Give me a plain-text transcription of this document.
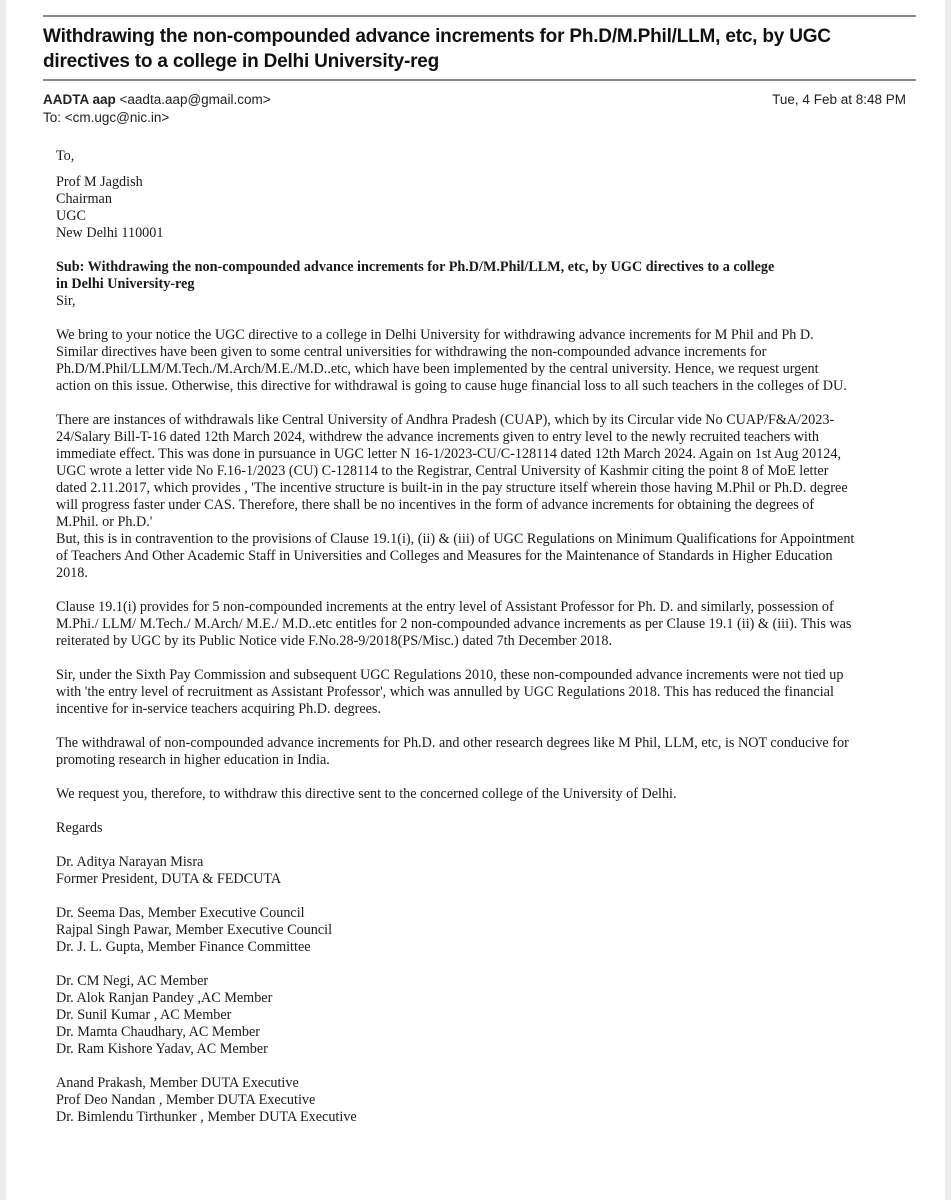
Withdrawing the non-compounded advance increments for Ph.D/M.Phil/LLM, etc, by UGC
directives to a college in Delhi University-reg
AADTA aap <aadta.aap@gmail.com>
To: <cm.ugc@nic.in>
Tue, 4 Feb at 8:48 PM
To,
Prof M Jagdish
Chairman
UGC
New Delhi 110001
Sub: Withdrawing the non-compounded advance increments for Ph.D/M.Phil/LLM, etc, by UGC directives to a college
in Delhi University-reg
Sir,
We bring to your notice the UGC directive to a college in Delhi University for withdrawing advance increments for M Phil and Ph D.
Similar directives have been given to some central universities for withdrawing the non-compounded advance increments for
Ph.D/M.Phil/LLM/M.Tech./M.Arch/M.E./M.D..etc, which have been implemented by the central university. Hence, we request urgent
action on this issue. Otherwise, this directive for withdrawal is going to cause huge financial loss to all such teachers in the colleges of DU.
There are instances of withdrawals like Central University of Andhra Pradesh (CUAP), which by its Circular vide No CUAP/F&A/2023-
24/Salary Bill-T-16 dated 12th March 2024, withdrew the advance increments given to entry level to the newly recruited teachers with
immediate effect. This was done in pursuance in UGC letter N 16-1/2023-CU/C-128114 dated 12th March 2024. Again on 1st Aug 20124,
UGC wrote a letter vide No F.16-1/2023 (CU) C-128114 to the Registrar, Central University of Kashmir citing the point 8 of MoE letter
dated 2.11.2017, which provides , 'The incentive structure is built-in in the pay structure itself wherein those having M.Phil or Ph.D. degree
will progress faster under CAS. Therefore, there shall be no incentives in the form of advance increments for obtaining the degrees of
M.Phil. or Ph.D.'
But, this is in contravention to the provisions of Clause 19.1(i), (ii) & (iii) of UGC Regulations on Minimum Qualifications for Appointment
of Teachers And Other Academic Staff in Universities and Colleges and Measures for the Maintenance of Standards in Higher Education
2018.
Clause 19.1(i) provides for 5 non-compounded increments at the entry level of Assistant Professor for Ph. D. and similarly, possession of
M.Phi./ LLM/ M.Tech./ M.Arch/ M.E./ M.D..etc entitles for 2 non-compounded advance increments as per Clause 19.1 (ii) & (iii). This was
reiterated by UGC by its Public Notice vide F.No.28-9/2018(PS/Misc.) dated 7th December 2018.
Sir, under the Sixth Pay Commission and subsequent UGC Regulations 2010, these non-compounded advance increments were not tied up
with 'the entry level of recruitment as Assistant Professor', which was annulled by UGC Regulations 2018. This has reduced the financial
incentive for in-service teachers acquiring Ph.D. degrees.
The withdrawal of non-compounded advance increments for Ph.D. and other research degrees like M Phil, LLM, etc, is NOT conducive for
promoting research in higher education in India.
We request you, therefore, to withdraw this directive sent to the concerned college of the University of Delhi.
Regards
Dr. Aditya Narayan Misra
Former President, DUTA & FEDCUTA
Dr. Seema Das, Member Executive Council
Rajpal Singh Pawar, Member Executive Council
Dr. J. L. Gupta, Member Finance Committee
Dr. CM Negi, AC Member
Dr. Alok Ranjan Pandey ,AC Member
Dr. Sunil Kumar , AC Member
Dr. Mamta Chaudhary, AC Member
Dr. Ram Kishore Yadav, AC Member
Anand Prakash, Member DUTA Executive
Prof Deo Nandan , Member DUTA Executive
Dr. Bimlendu Tirthunker , Member DUTA Executive
